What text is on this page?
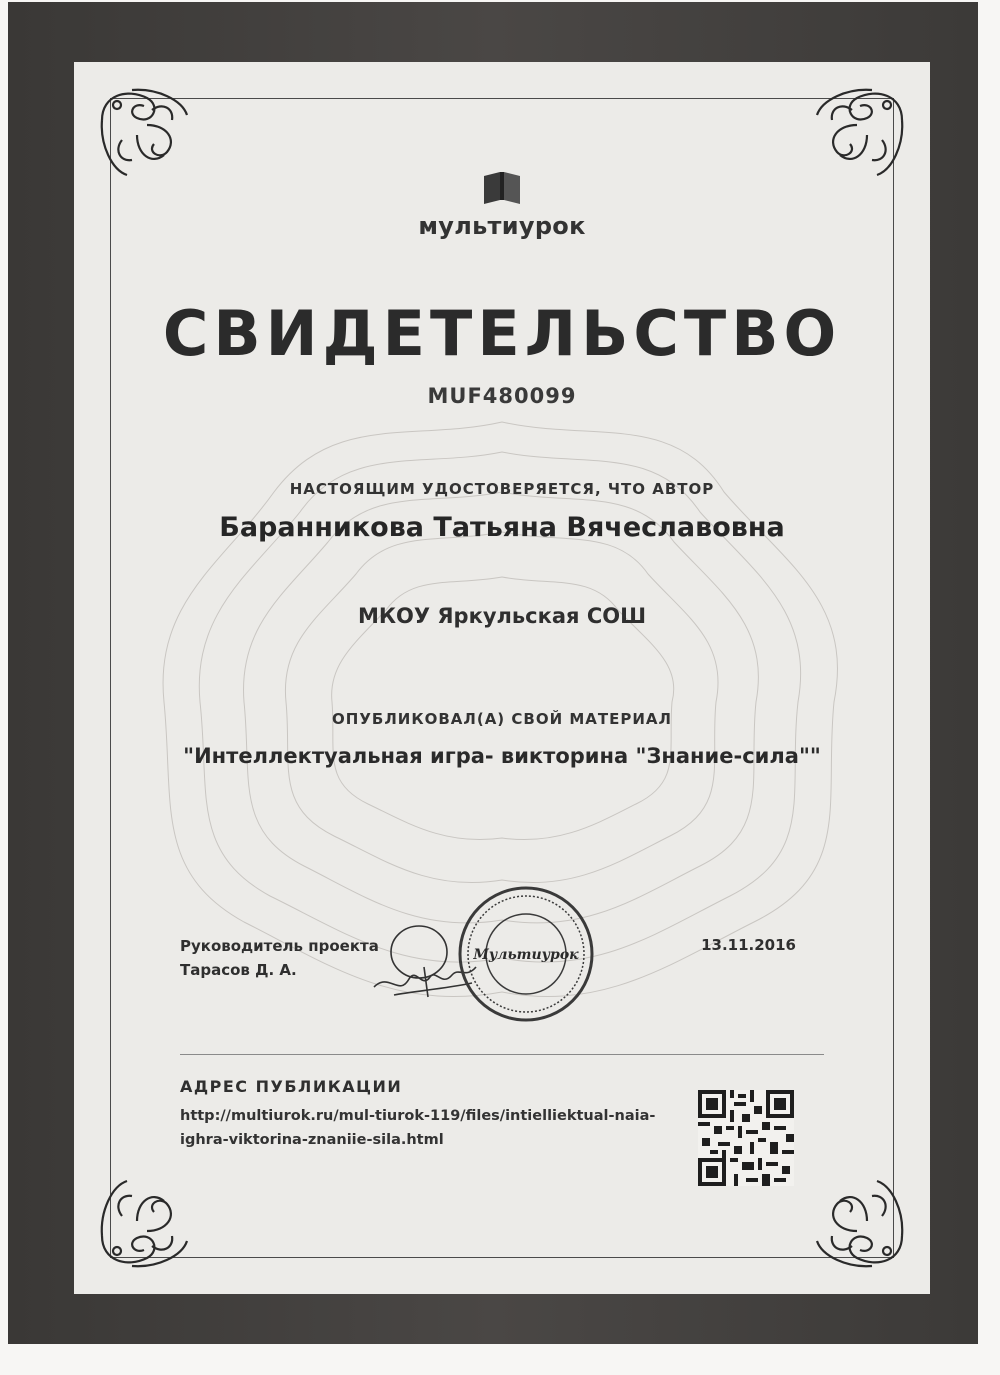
мультиурок
СВИДЕТЕЛЬСТВО
MUF480099
НАСТОЯЩИМ УДОСТОВЕРЯЕТСЯ, ЧТО АВТОР
Баранникова Татьяна Вячеславовна
МКОУ Яркульская СОШ
ОПУБЛИКОВАЛ(А) СВОЙ МАТЕРИАЛ
"Интеллектуальная игра- викторина "Знание-сила""
Руководитель проекта
Тарасов Д. А.
Мультиурок
13.11.2016
АДРЕС ПУБЛИКАЦИИ
http://multiurok.ru/mul-tiurok-119/files/intielliektual-naia-ighra-viktorina-znaniie-sila.html
